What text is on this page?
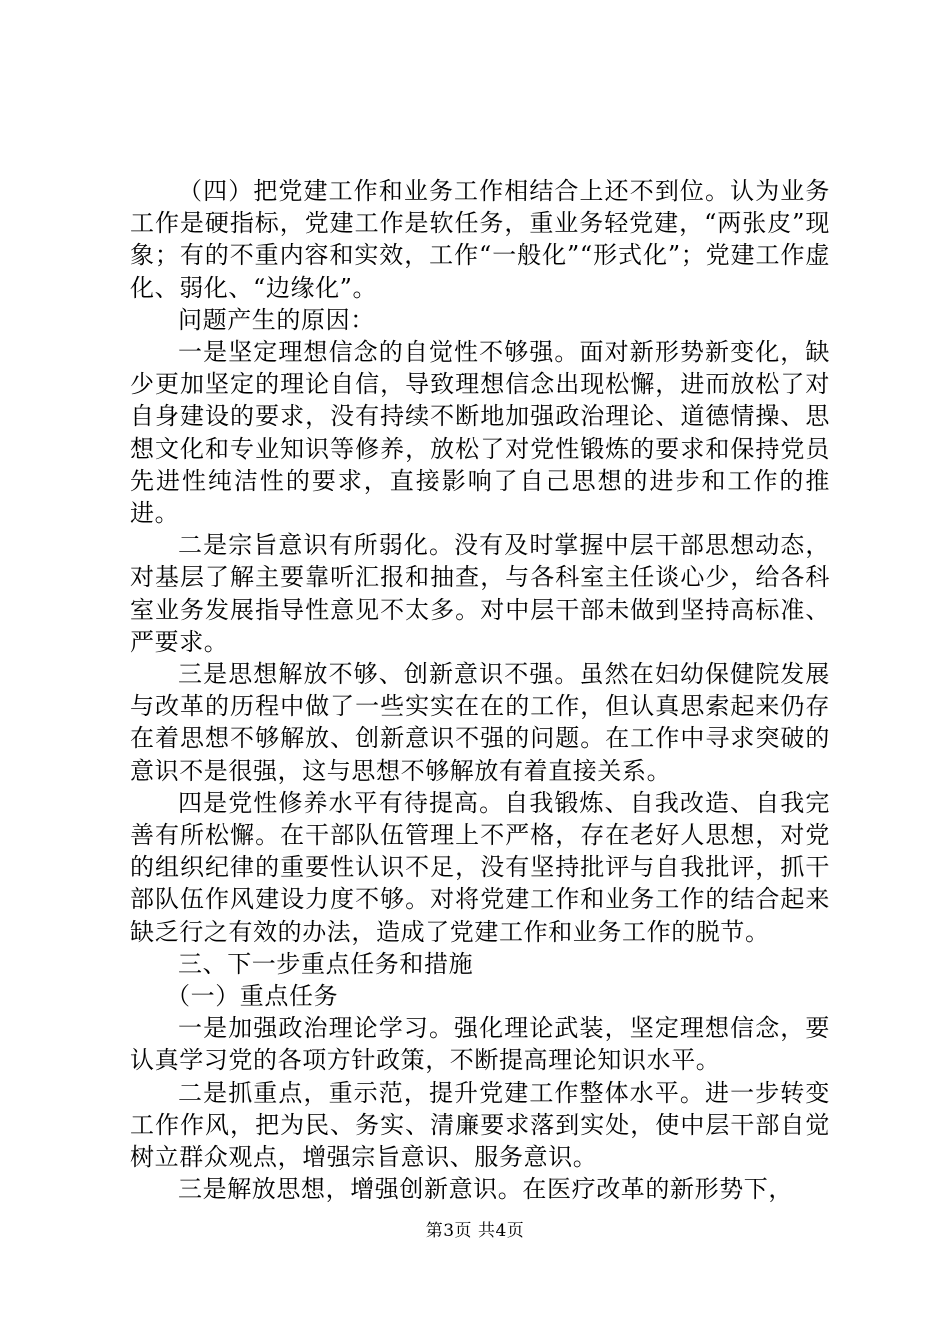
（四）把党建工作和业务工作相结合上还不到位。认为业务工作是硬指标，党建工作是软任务，重业务轻党建，“两张皮”现象；有的不重内容和实效，工作“一般化”“形式化”；党建工作虚化、弱化、“边缘化”。

问题产生的原因：

一是坚定理想信念的自觉性不够强。面对新形势新变化，缺少更加坚定的理论自信，导致理想信念出现松懈，进而放松了对自身建设的要求，没有持续不断地加强政治理论、道德情操、思想文化和专业知识等修养，放松了对党性锻炼的要求和保持党员先进性纯洁性的要求，直接影响了自己思想的进步和工作的推进。

二是宗旨意识有所弱化。没有及时掌握中层干部思想动态，对基层了解主要靠听汇报和抽查，与各科室主任谈心少，给各科室业务发展指导性意见不太多。对中层干部未做到坚持高标准、严要求。

三是思想解放不够、创新意识不强。虽然在妇幼保健院发展与改革的历程中做了一些实实在在的工作，但认真思索起来仍存在着思想不够解放、创新意识不强的问题。在工作中寻求突破的意识不是很强，这与思想不够解放有着直接关系。

四是党性修养水平有待提高。自我锻炼、自我改造、自我完善有所松懈。在干部队伍管理上不严格，存在老好人思想，对党的组织纪律的重要性认识不足，没有坚持批评与自我批评，抓干部队伍作风建设力度不够。对将党建工作和业务工作的结合起来缺乏行之有效的办法，造成了党建工作和业务工作的脱节。

三、下一步重点任务和措施

（一）重点任务

一是加强政治理论学习。强化理论武装，坚定理想信念，要认真学习党的各项方针政策，不断提高理论知识水平。

二是抓重点，重示范，提升党建工作整体水平。进一步转变工作作风，把为民、务实、清廉要求落到实处，使中层干部自觉树立群众观点，增强宗旨意识、服务意识。

三是解放思想，增强创新意识。在医疗改革的新形势下，

第3页 共4页
